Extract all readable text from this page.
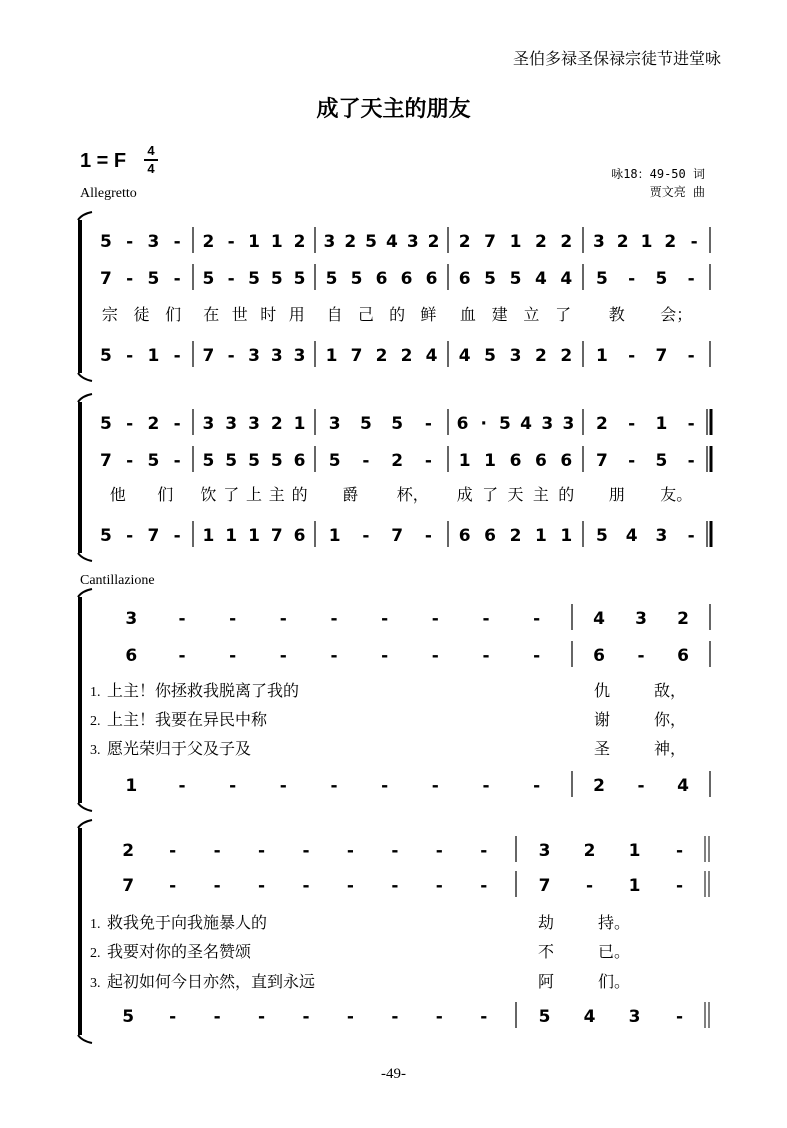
圣伯多禄圣保禄宗徒节进堂咏
成了天主的朋友
1 = F 4
4	咏18：49-50 词
贾文亮 曲
Allegretto
Cantillazione
-49-
5 - 3 - 2 - 1 1 2 3 2 5 4 3 2 2 7 1 2 2 3 2 1 2 -
7 - 5 - 5 - 5 5 5 5 5 6 6 6 6 5 5 4 4 5 - 5 -
宗 徒 们 在 世 时 用 自 己 的 鲜 血 建 立 了 教 会；
5 - 1 - 7 - 3 3 3 1 7 2 2 4 4 5 3 2 2 1 - 7 -
5 - 2 - 3 3 3 2 1 3 5 5 - 6 · 5 4 3 3 2 - 1 -
7 - 5 - 5 5 5 5 6 5 - 2 - 1 1 6 6 6 7 - 5 -
他 们 饮 了 上 主 的 爵 杯， 成 了 天 主 的 朋 友。
5 - 7 - 1 1 1 7 6 1 - 7 - 6 6 2 1 1 5 4 3 -
3 -	-	-	-	-	-	-	-	4 3 2
6 -	-	-	-	-	-	-	-	6 - 6
1 -	-	-	-	-	-	-	-	2 - 4
1. 上主！你拯救我脱离了我的	仇	敌，
2. 上主！我要在异民中称	谢	你，
3. 愿光荣归于父及子及	圣	神，
2 - - - - - - - -	3 2 1 -
7 - - - - - - - -	7 - 1 -
5 - - - - - - - -	5 4 3 -
1. 救我免于向我施暴人的	劫	持。
2. 我要对你的圣名赞颂	不	已。
3. 起初如何今日亦然，直到永远	阿	们。
